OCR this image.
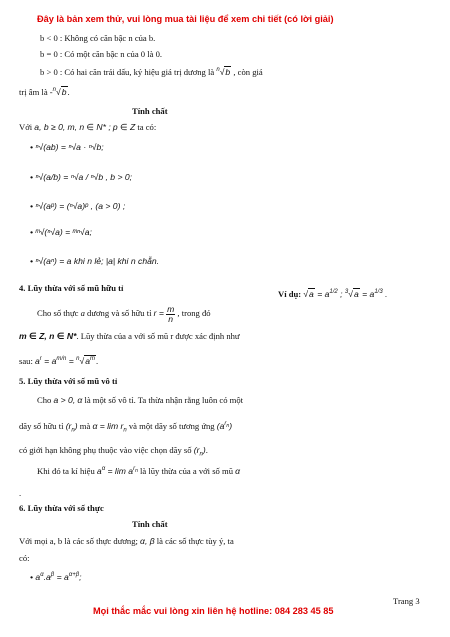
Đây là bản xem thử, vui lòng mua tài liệu để xem chi tiết (có lời giải)
b < 0 : Không có căn bậc n của b.
b = 0 : Có một căn bậc n của 0 là 0.
b > 0 : Có hai căn trái dấu, ký hiệu giá trị dương là $^n$√b , còn giá
trị âm là -$^n$√b.
Tính chất
Với a, b ≥ 0, m, n ∈ N* ; p ∈ Z ta có:
• ⁿ√(ab) = ⁿ√a · ⁿ√b;
• ⁿ√(a/b) = ⁿ√a / ⁿ√b , b > 0;
• ⁿ√(aᵖ) = (ⁿ√a)ᵖ , (a > 0) ;
• ᵐ√(ⁿ√a) = ᵐⁿ√a;
• ⁿ√(aⁿ) = a khi n lẻ; |a| khi n chẵn.
4. Lũy thừa với số mũ hữu tỉ
Cho số thực a dương và số hữu tỉ $r = \frac{m}{n}$ , trong đó
m ∈ Z, n ∈ N*. Lũy thừa của a với số mũ r được xác định như
sau: $a^r = a^{m/n} = ^n√a^m$.
Ví dụ: $√a = a^{1/2}$ ; $^3√a = a^{1/3}$ .
5. Lũy thừa với số mũ vô tỉ
Cho a > 0, α là một số vô tỉ. Ta thừa nhận rằng luôn có một
dãy số hữu tỉ $(r_n)$ mà $\alpha = \lim r_n$ và một dãy số tương ứng $(a^{r_n})$
có giới hạn không phụ thuộc vào việc chọn dãy số $(r_n)$.
Khi đó ta kí hiệu $a^\alpha = \lim a^{r_n}$ là lũy thừa của a với số mũ α
.
6. Lũy thừa với số thực
Tính chất
Với mọi a, b là các số thực dương; α, β là các số thực tùy ý, ta
có:
• $a^\alpha.a^\beta = a^{\alpha+\beta}$;
Trang 3
Mọi thắc mắc vui lòng xin liên hệ hotline: 084 283 45 85
